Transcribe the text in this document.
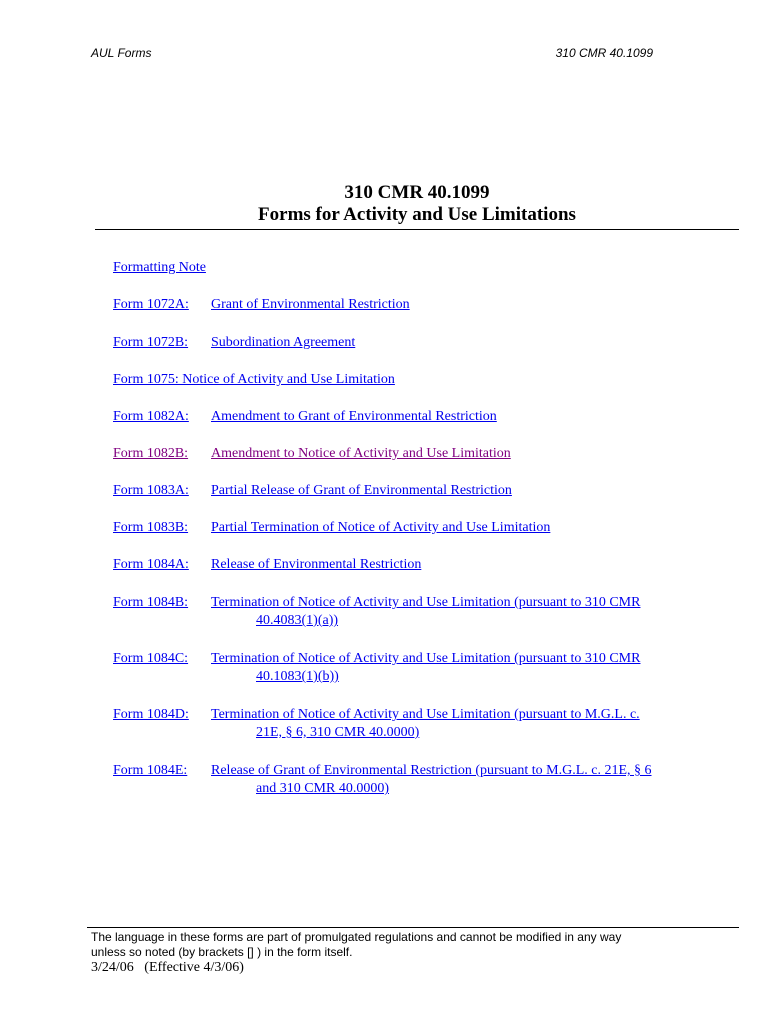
AUL Forms	310 CMR 40.1099
310 CMR 40.1099
Forms for Activity and Use Limitations
Formatting Note
Form 1072A: Grant of Environmental Restriction
Form 1072B: Subordination Agreement
Form 1075: Notice of Activity and Use Limitation
Form 1082A: Amendment to Grant of Environmental Restriction
Form 1082B: Amendment to Notice of Activity and Use Limitation
Form 1083A: Partial Release of Grant of Environmental Restriction
Form 1083B: Partial Termination of Notice of Activity and Use Limitation
Form 1084A: Release of Environmental Restriction
Form 1084B: Termination of Notice of Activity and Use Limitation (pursuant to 310 CMR
40.4083(1)(a))
Form 1084C: Termination of Notice of Activity and Use Limitation (pursuant to 310 CMR
40.1083(1)(b))
Form 1084D: Termination of Notice of Activity and Use Limitation (pursuant to M.G.L. c.
21E, § 6, 310 CMR 40.0000)
Form 1084E: Release of Grant of Environmental Restriction (pursuant to M.G.L. c. 21E, § 6
and 310 CMR 40.0000)
The language in these forms are part of promulgated regulations and cannot be modified in any way
unless so noted (by brackets [] ) in the form itself.
3/24/06   (Effective 4/3/06)
